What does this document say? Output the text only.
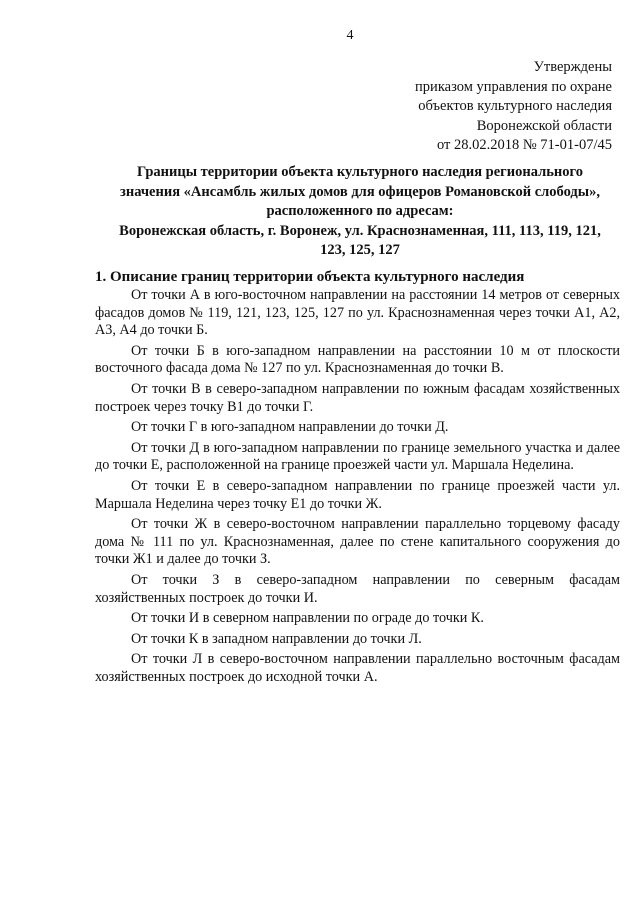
4
Утверждены
приказом управления по охране
объектов культурного наследия
Воронежской области
от 28.02.2018 № 71-01-07/45
Границы территории объекта культурного наследия регионального
значения «Ансамбль жилых домов для офицеров Романовской слободы»,
расположенного по адресам:
Воронежская область, г. Воронеж, ул. Краснознаменная, 111, 113, 119, 121,
123, 125, 127
1. Описание границ территории объекта культурного наследия

От точки А в юго-восточном направлении на расстоянии 14 метров от северных фасадов домов № 119, 121, 123, 125, 127 по ул. Краснознаменная через точки А1, А2, А3, А4 до точки Б.

От точки Б в юго-западном направлении на расстоянии 10 м от плоскости восточного фасада дома № 127 по ул. Краснознаменная до точки В.

От точки В в северо-западном направлении по южным фасадам хозяйственных построек через точку В1 до точки Г.

От точки Г в юго-западном направлении до точки Д.

От точки Д в юго-западном направлении по границе земельного участка и далее до точки Е, расположенной на границе проезжей части ул. Маршала Неделина.

От точки Е в северо-западном направлении по границе проезжей части ул. Маршала Неделина через точку Е1 до точки Ж.

От точки Ж в северо-восточном направлении параллельно торцевому фасаду дома № 111 по ул. Краснознаменная, далее по стене капитального сооружения до точки Ж1 и далее до точки З.

От точки З в северо-западном направлении по северным фасадам хозяйственных построек до точки И.

От точки И в северном направлении по ограде до точки К.

От точки К в западном направлении до точки Л.

От точки Л в северо-восточном направлении параллельно восточным фасадам хозяйственных построек до исходной точки А.
